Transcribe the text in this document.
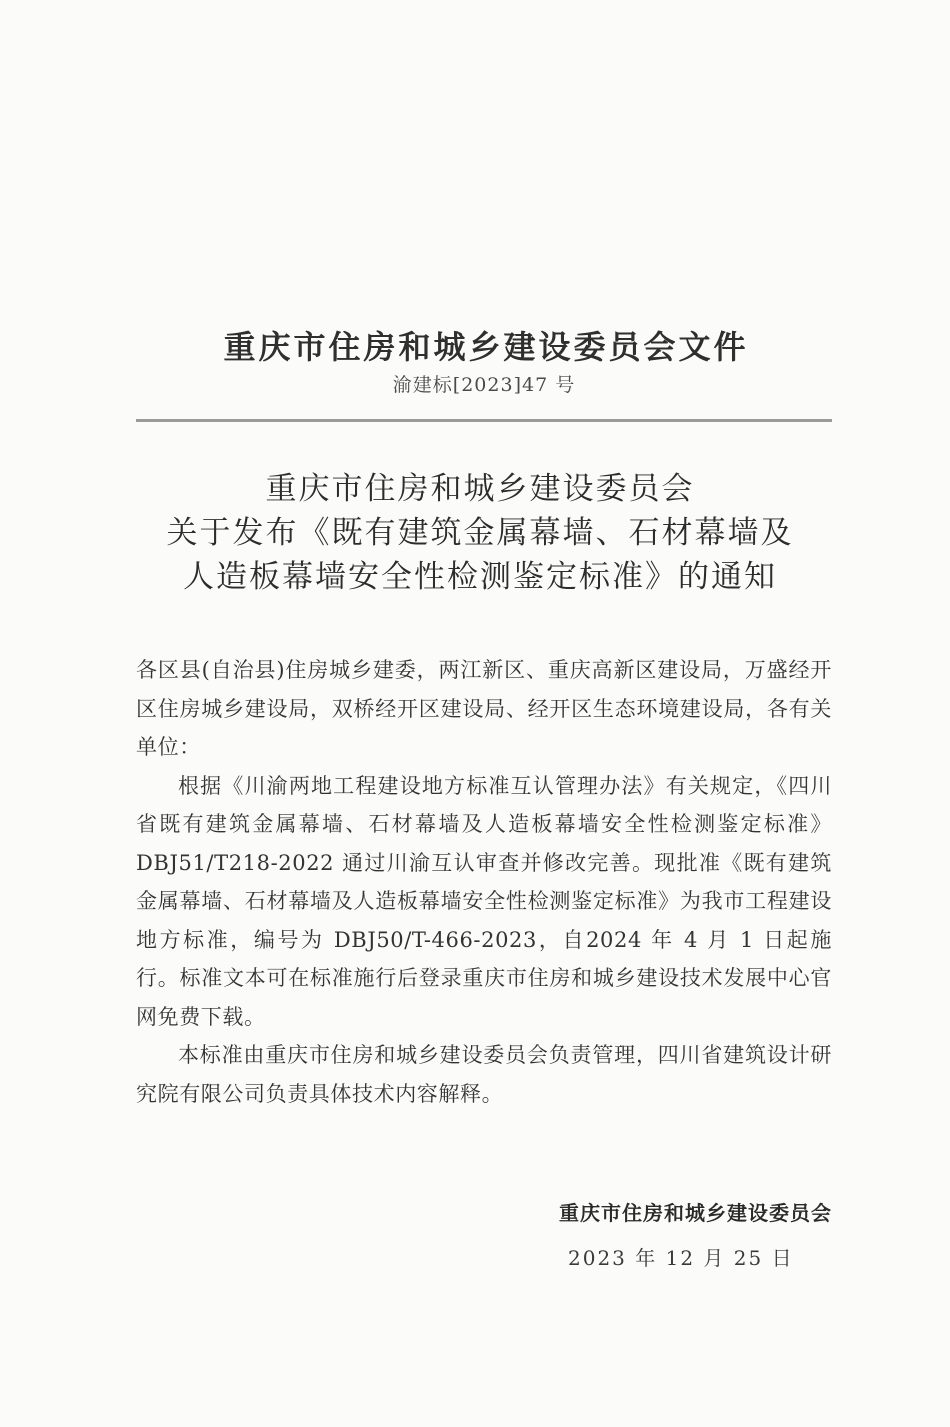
重庆市住房和城乡建设委员会文件
渝建标[2023]47 号
重庆市住房和城乡建设委员会
关于发布《既有建筑金属幕墙、石材幕墙及
人造板幕墙安全性检测鉴定标准》的通知

各区县(自治县)住房城乡建委，两江新区、重庆高新区建设局，万盛经开区住房城乡建设局，双桥经开区建设局、经开区生态环境建设局，各有关单位：

根据《川渝两地工程建设地方标准互认管理办法》有关规定，《四川省既有建筑金属幕墙、石材幕墙及人造板幕墙安全性检测鉴定标准》DBJ51/T218-2022 通过川渝互认审查并修改完善。现批准《既有建筑金属幕墙、石材幕墙及人造板幕墙安全性检测鉴定标准》为我市工程建设地方标准，编号为 DBJ50/T-466-2023，自2024 年 4 月 1 日起施行。标准文本可在标准施行后登录重庆市住房和城乡建设技术发展中心官网免费下载。

本标准由重庆市住房和城乡建设委员会负责管理，四川省建筑设计研究院有限公司负责具体技术内容解释。

重庆市住房和城乡建设委员会
2023 年 12 月 25 日
